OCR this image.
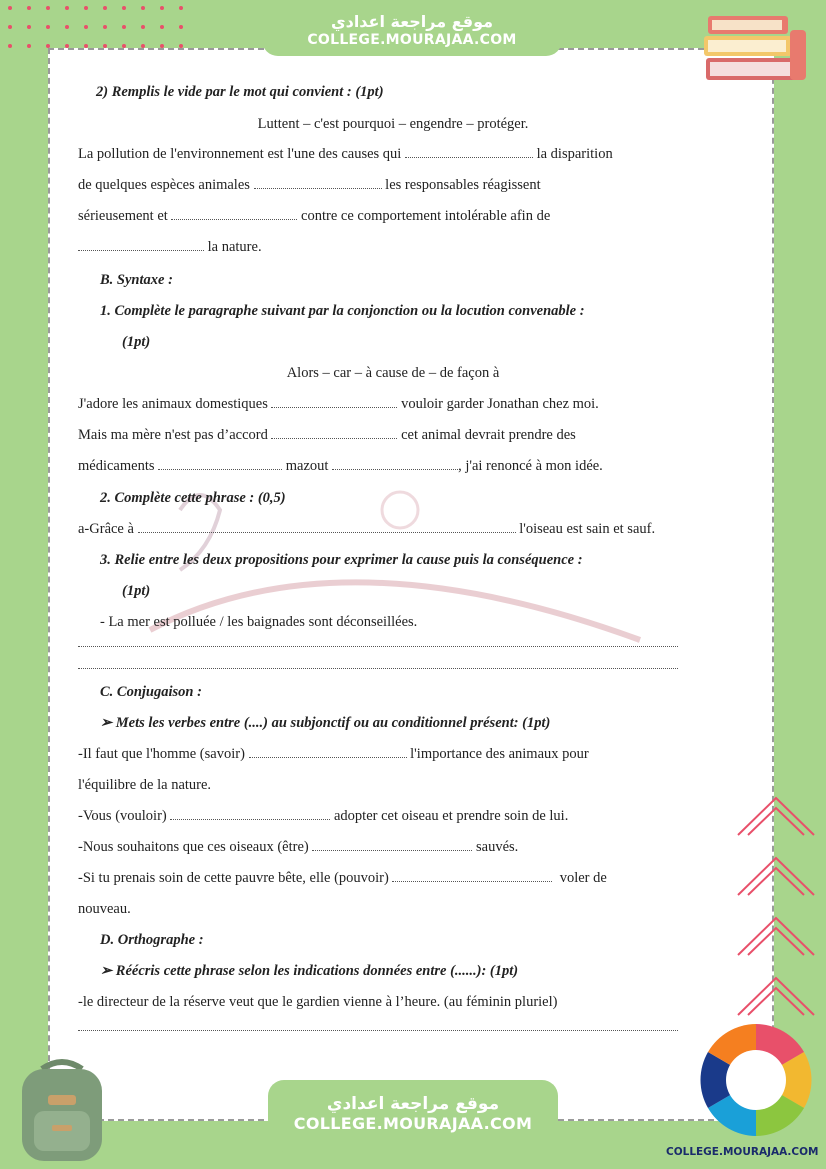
موقع مراجعة اعدادي
COLLEGE.MOURAJAA.COM
2) Remplis le vide par le mot qui convient : (1pt)
Luttent – c'est pourquoi – engendre – protéger.
La pollution de l'environnement est l'une des causes qui	la disparition
de quelques espèces animales	les responsables réagissent
sérieusement et	contre ce comportement intolérable afin de
la nature.
B. Syntaxe :
1. Complète le paragraphe suivant par la conjonction ou la locution convenable :
(1pt)
Alors – car – à cause de – de façon à
J'adore les animaux domestiques	vouloir garder Jonathan chez moi.
Mais ma mère n'est pas d’accord	cet animal devrait prendre des
médicaments	mazout	, j'ai renoncé à mon idée.
2. Complète cette phrase : (0,5)
a-Grâce à	l'oiseau est sain et sauf.
3. Relie entre les deux propositions pour exprimer la cause puis la conséquence :
(1pt)
- La mer est polluée / les baignades sont déconseillées.
C. Conjugaison :
➢ Mets les verbes entre (....) au subjonctif ou au conditionnel présent: (1pt)
-Il faut que l'homme (savoir)	l'importance des animaux pour
l'équilibre de la nature.
-Vous (vouloir)	adopter cet oiseau et prendre soin de lui.
-Nous souhaitons que ces oiseaux (être)	sauvés.
-Si tu prenais soin de cette pauvre bête, elle (pouvoir)	voler de
nouveau.
D. Orthographe :
➢ Réécris cette phrase selon les indications données entre (......): (1pt)
-le directeur de la réserve veut que le gardien vienne à l’heure. (au féminin pluriel)
موقع مراجعة اعدادي
COLLEGE.MOURAJAA.COM
COLLEGE.MOURAJAA.COM
